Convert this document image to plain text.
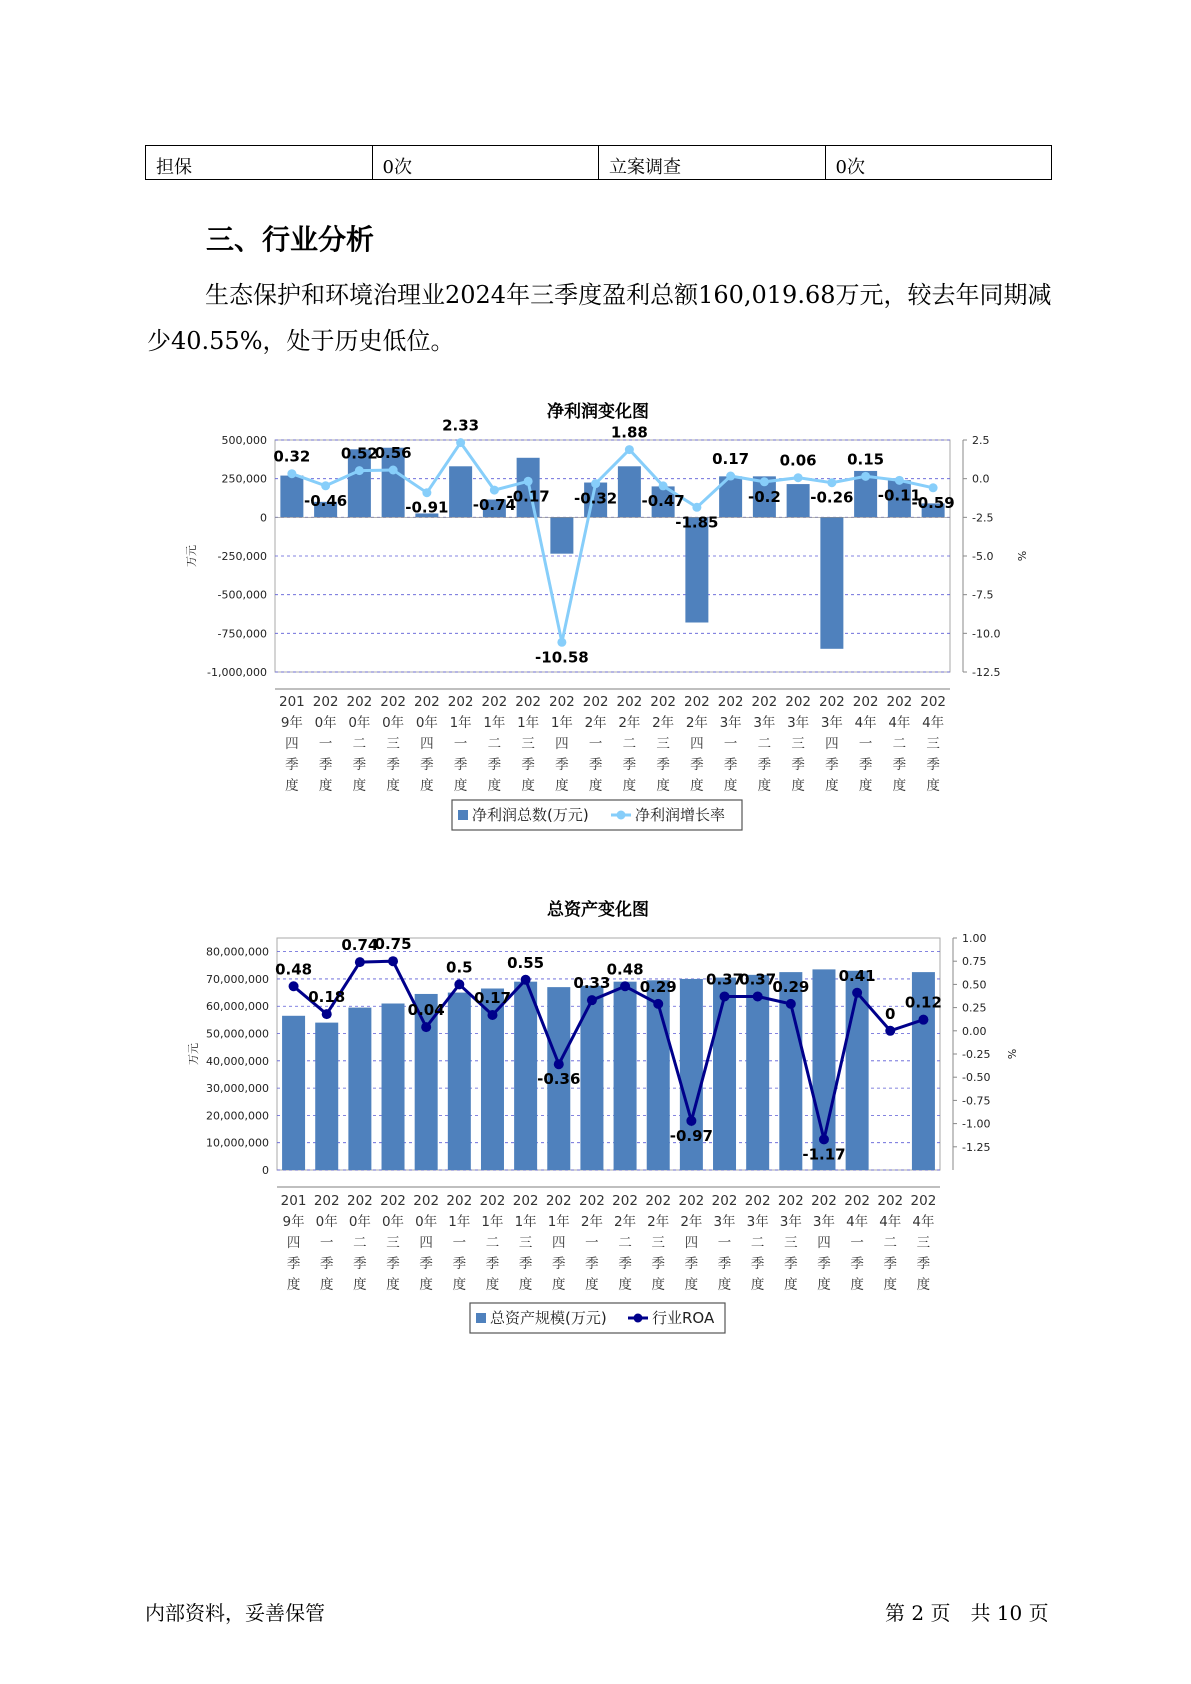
担保	0次	立案调查	0次
三、行业分析

生态保护和环境治理业2024年三季度盈利总额160,019.68万元，较去年同期减少40.55%，处于历史低位。

净利润变化图
500,000
250,000
0
-250,000
-500,000
-750,000
-1,000,000
2.5
0.0
-2.5
-5.0
-7.5
-10.0
-12.5
万元	%
0.32
-0.46
0.52
0.56
-0.91
2.33
-0.74
-0.17
-10.58
-0.32
1.88
-0.47
-1.85
0.17
-0.2
0.06
-0.26
0.15
-0.11
-0.59
201
9年
四
季
度
202
0年
一
季
度
202
0年
二
季
度
202
0年
三
季
度
202
0年
四
季
度
202
1年
一
季
度
202
1年
二
季
度
202
1年
三
季
度
202
1年
四
季
度
202
2年
一
季
度
202
2年
二
季
度
202
2年
三
季
度
202
2年
四
季
度
202
3年
一
季
度
202
3年
二
季
度
202
3年
三
季
度
202
3年
四
季
度
202
4年
一
季
度
202
4年
二
季
度
202
4年
三
季
度
净利润总数(万元)	净利润增长率
总资产变化图
80,000,000
70,000,000
60,000,000
50,000,000
40,000,000
30,000,000
20,000,000
10,000,000
0
1.00
0.75
0.50
0.25
0.00
-0.25
-0.50
-0.75
-1.00
-1.25
万元	%
0.48
0.18
0.74
0.75
0.04
0.5
0.17
0.55
-0.36
0.33
0.48
0.29
-0.97
0.37
0.37
0.29
-1.17
0.41
0
0.12
201
9年
四
季
度
202
0年
一
季
度
202
0年
二
季
度
202
0年
三
季
度
202
0年
四
季
度
202
1年
一
季
度
202
1年
二
季
度
202
1年
三
季
度
202
1年
四
季
度
202
2年
一
季
度
202
2年
二
季
度
202
2年
三
季
度
202
2年
四
季
度
202
3年
一
季
度
202
3年
二
季
度
202
3年
三
季
度
202
3年
四
季
度
202
4年
一
季
度
202
4年
二
季
度
202
4年
三
季
度
总资产规模(万元)	行业ROA
内部资料，妥善保管	第 2 页　共 10 页
